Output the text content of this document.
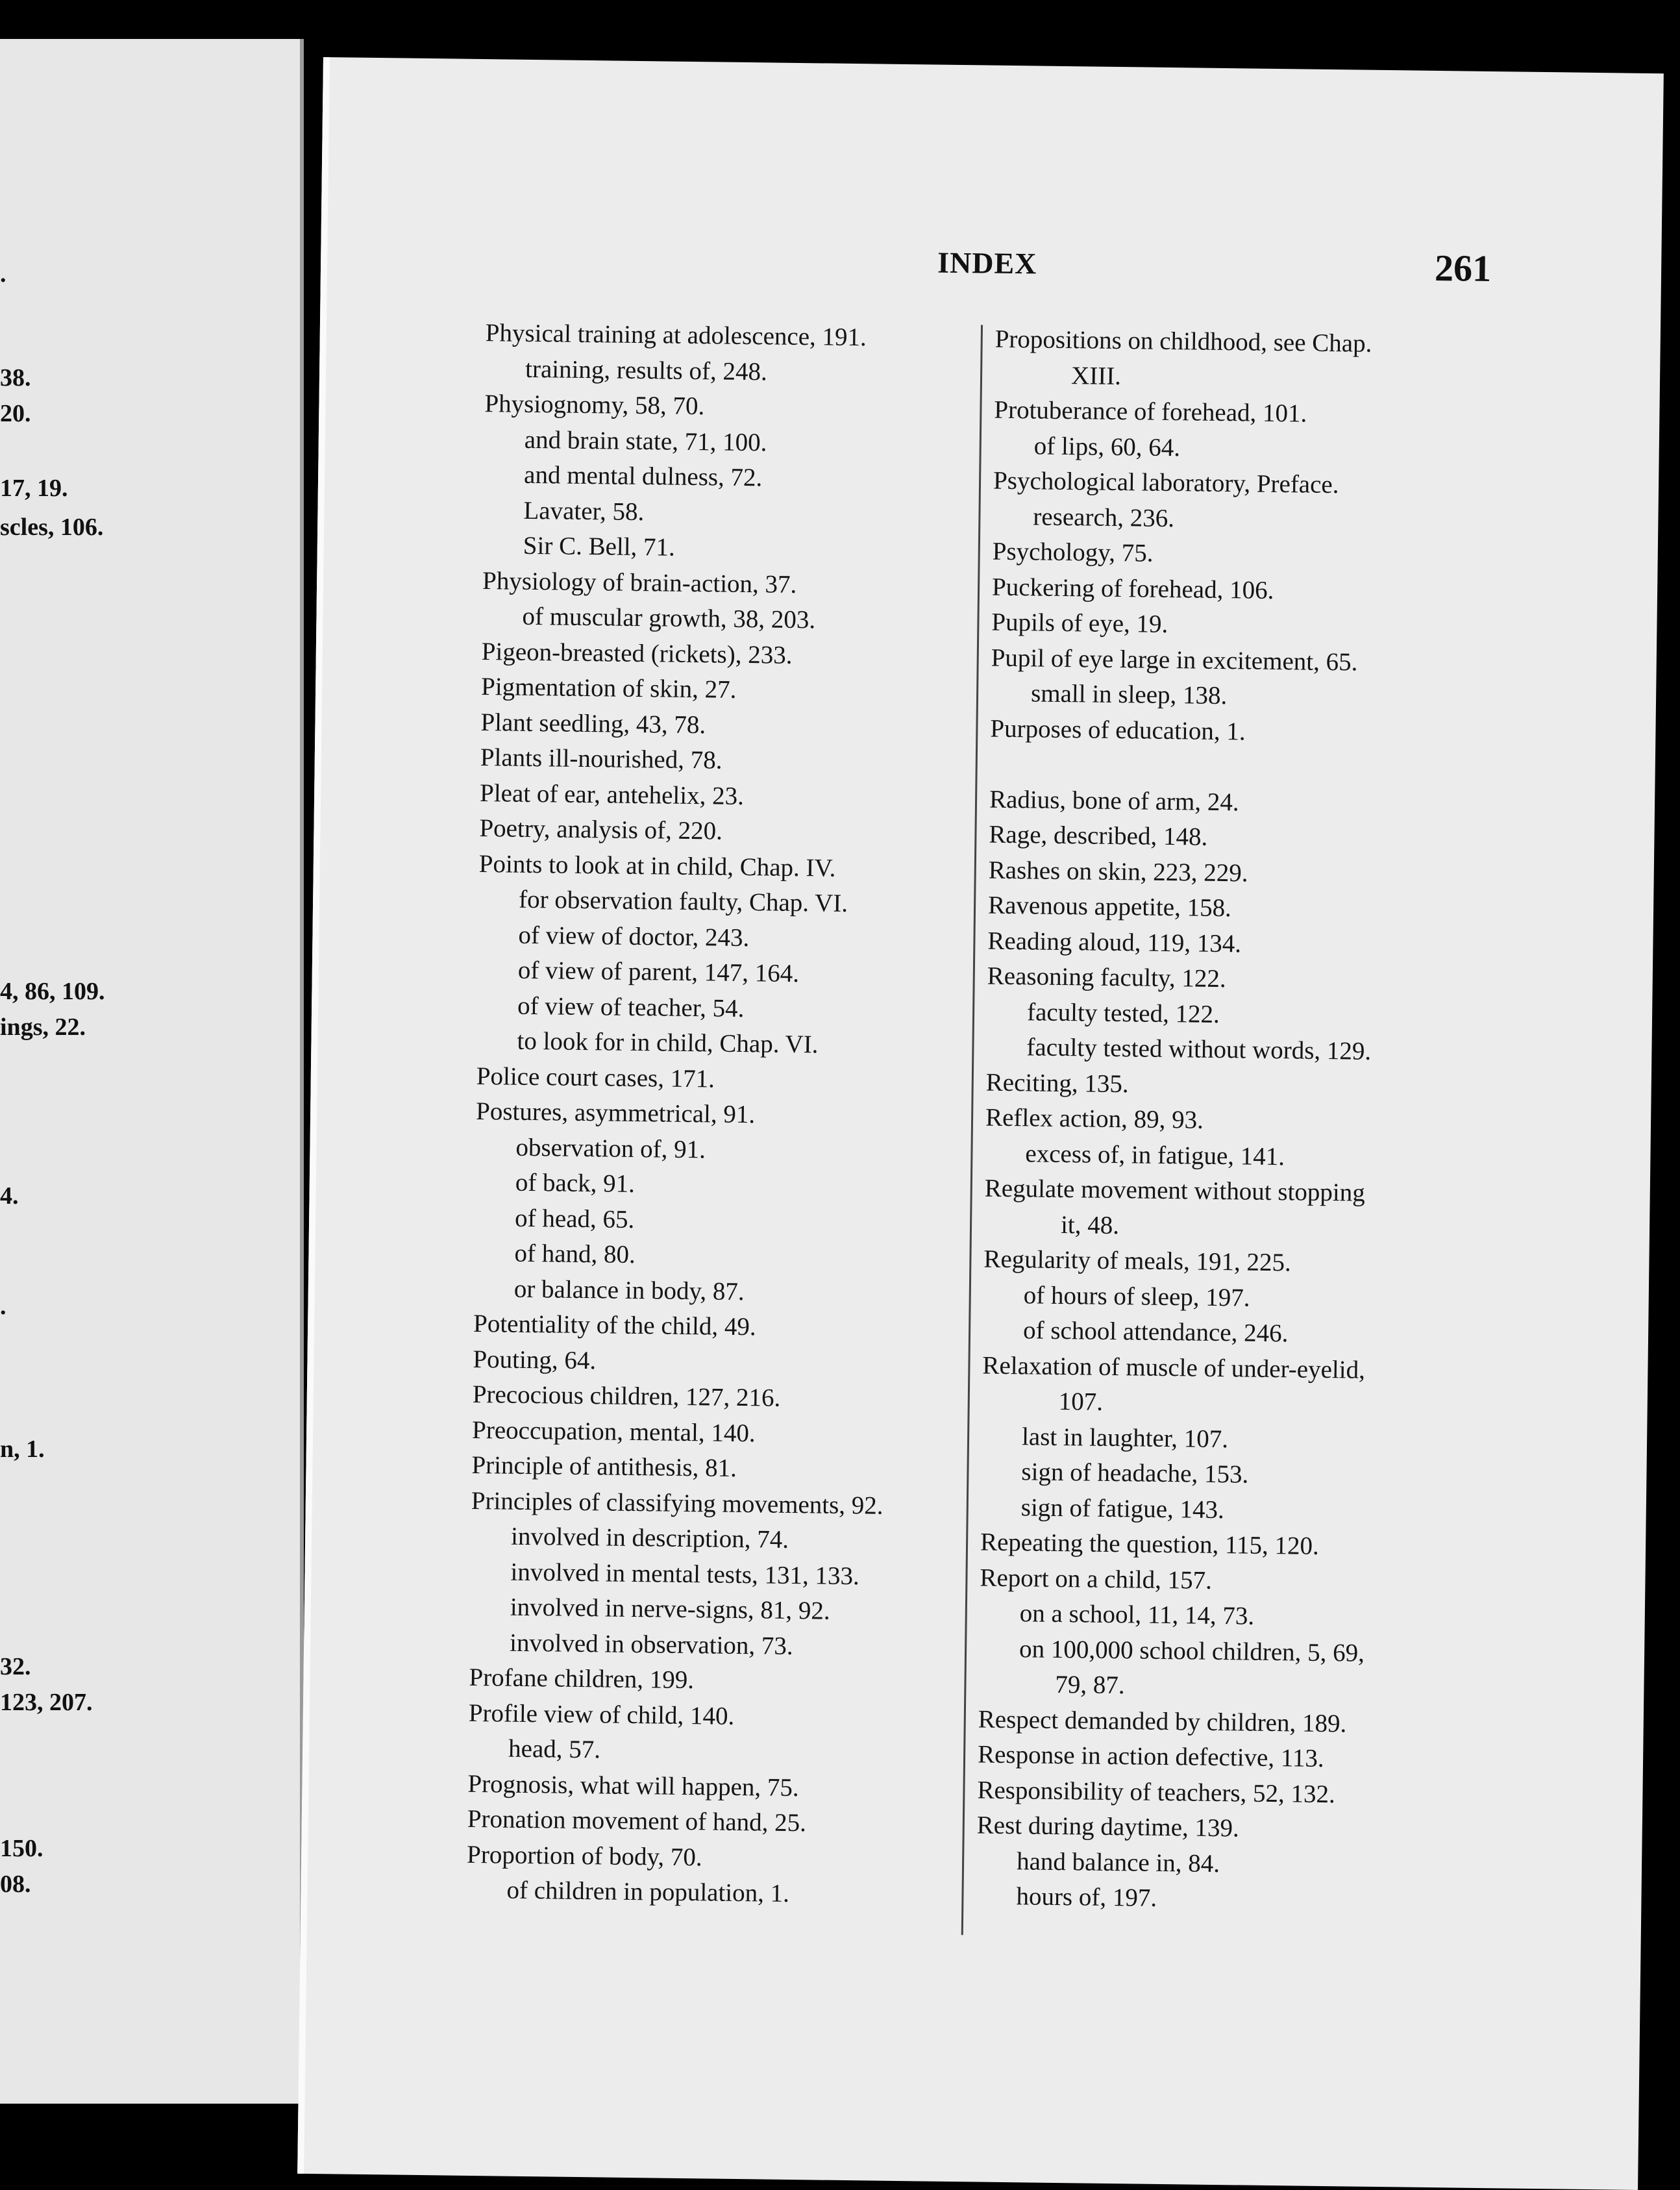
.
38.
20.
17, 19.
scles, 106.
4, 86, 109.
ings, 22.
4.
.
n, 1.
32.
123, 207.
150.
08.
INDEX	261
Physical training at adolescence, 191.
training, results of, 248.
Physiognomy, 58, 70.
and brain state, 71, 100.
and mental dulness, 72.
Lavater, 58.
Sir C. Bell, 71.
Physiology of brain-action, 37.
of muscular growth, 38, 203.
Pigeon-breasted (rickets), 233.
Pigmentation of skin, 27.
Plant seedling, 43, 78.
Plants ill-nourished, 78.
Pleat of ear, antehelix, 23.
Poetry, analysis of, 220.
Points to look at in child, Chap. IV.
for observation faulty, Chap. VI.
of view of doctor, 243.
of view of parent, 147, 164.
of view of teacher, 54.
to look for in child, Chap. VI.
Police court cases, 171.
Postures, asymmetrical, 91.
observation of, 91.
of back, 91.
of head, 65.
of hand, 80.
or balance in body, 87.
Potentiality of the child, 49.
Pouting, 64.
Precocious children, 127, 216.
Preoccupation, mental, 140.
Principle of antithesis, 81.
Principles of classifying movements, 92.
involved in description, 74.
involved in mental tests, 131, 133.
involved in nerve-signs, 81, 92.
involved in observation, 73.
Profane children, 199.
Profile view of child, 140.
head, 57.
Prognosis, what will happen, 75.
Pronation movement of hand, 25.
Proportion of body, 70.
of children in population, 1.
Propositions on childhood, see Chap.
XIII.
Protuberance of forehead, 101.
of lips, 60, 64.
Psychological laboratory, Preface.
research, 236.
Psychology, 75.
Puckering of forehead, 106.
Pupils of eye, 19.
Pupil of eye large in excitement, 65.
small in sleep, 138.
Purposes of education, 1.
Radius, bone of arm, 24.
Rage, described, 148.
Rashes on skin, 223, 229.
Ravenous appetite, 158.
Reading aloud, 119, 134.
Reasoning faculty, 122.
faculty tested, 122.
faculty tested without words, 129.
Reciting, 135.
Reflex action, 89, 93.
excess of, in fatigue, 141.
Regulate movement without stopping
it, 48.
Regularity of meals, 191, 225.
of hours of sleep, 197.
of school attendance, 246.
Relaxation of muscle of under-eyelid,
107.
last in laughter, 107.
sign of headache, 153.
sign of fatigue, 143.
Repeating the question, 115, 120.
Report on a child, 157.
on a school, 11, 14, 73.
on 100,000 school children, 5, 69,
79, 87.
Respect demanded by children, 189.
Response in action defective, 113.
Responsibility of teachers, 52, 132.
Rest during daytime, 139.
hand balance in, 84.
hours of, 197.
